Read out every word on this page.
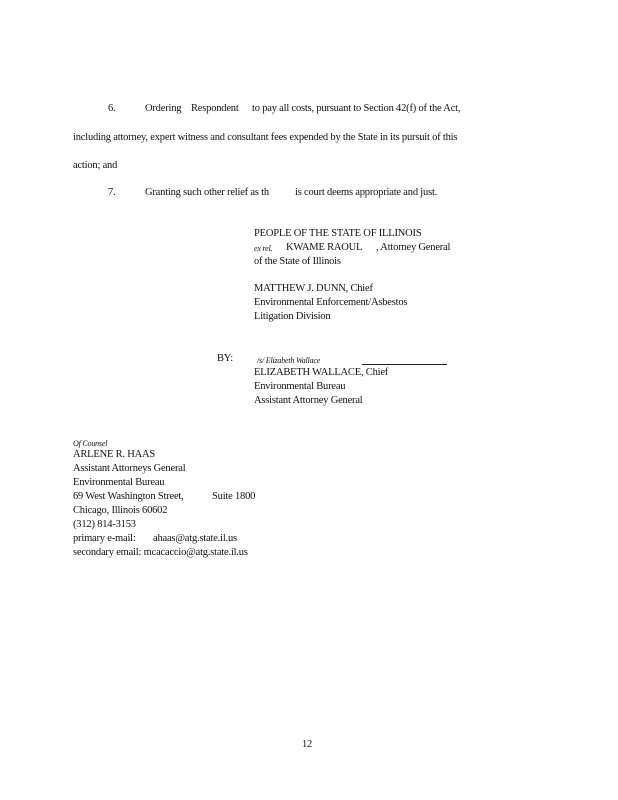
6.	Ordering Respondent to pay all costs, pursuant to Section 42(f) of the Act,
including attorney, expert witness and consultant fees expended by the State in its pursuit of this
action; and
7.	Granting such other relief as th is court deems appropriate and just.
PEOPLE OF THE STATE OF ILLINOIS
ex rel. KWAME RAOUL , Attorney General
of the State of Illinois
MATTHEW J. DUNN, Chief
Environmental Enforcement/Asbestos
Litigation Division
BY:	/s/ Elizabeth Wallace
ELIZABETH WALLACE, Chief
Environmental Bureau
Assistant Attorney General
Of Counsel
ARLENE R. HAAS
Assistant Attorneys General
Environmental Bureau
69 West Washington Street,	Suite 1800
Chicago, Illinois 60602
(312) 814-3153
primary e-mail: ahaas@atg.state.il.us
secondary email: mcacaccio@atg.state.il.us
12
